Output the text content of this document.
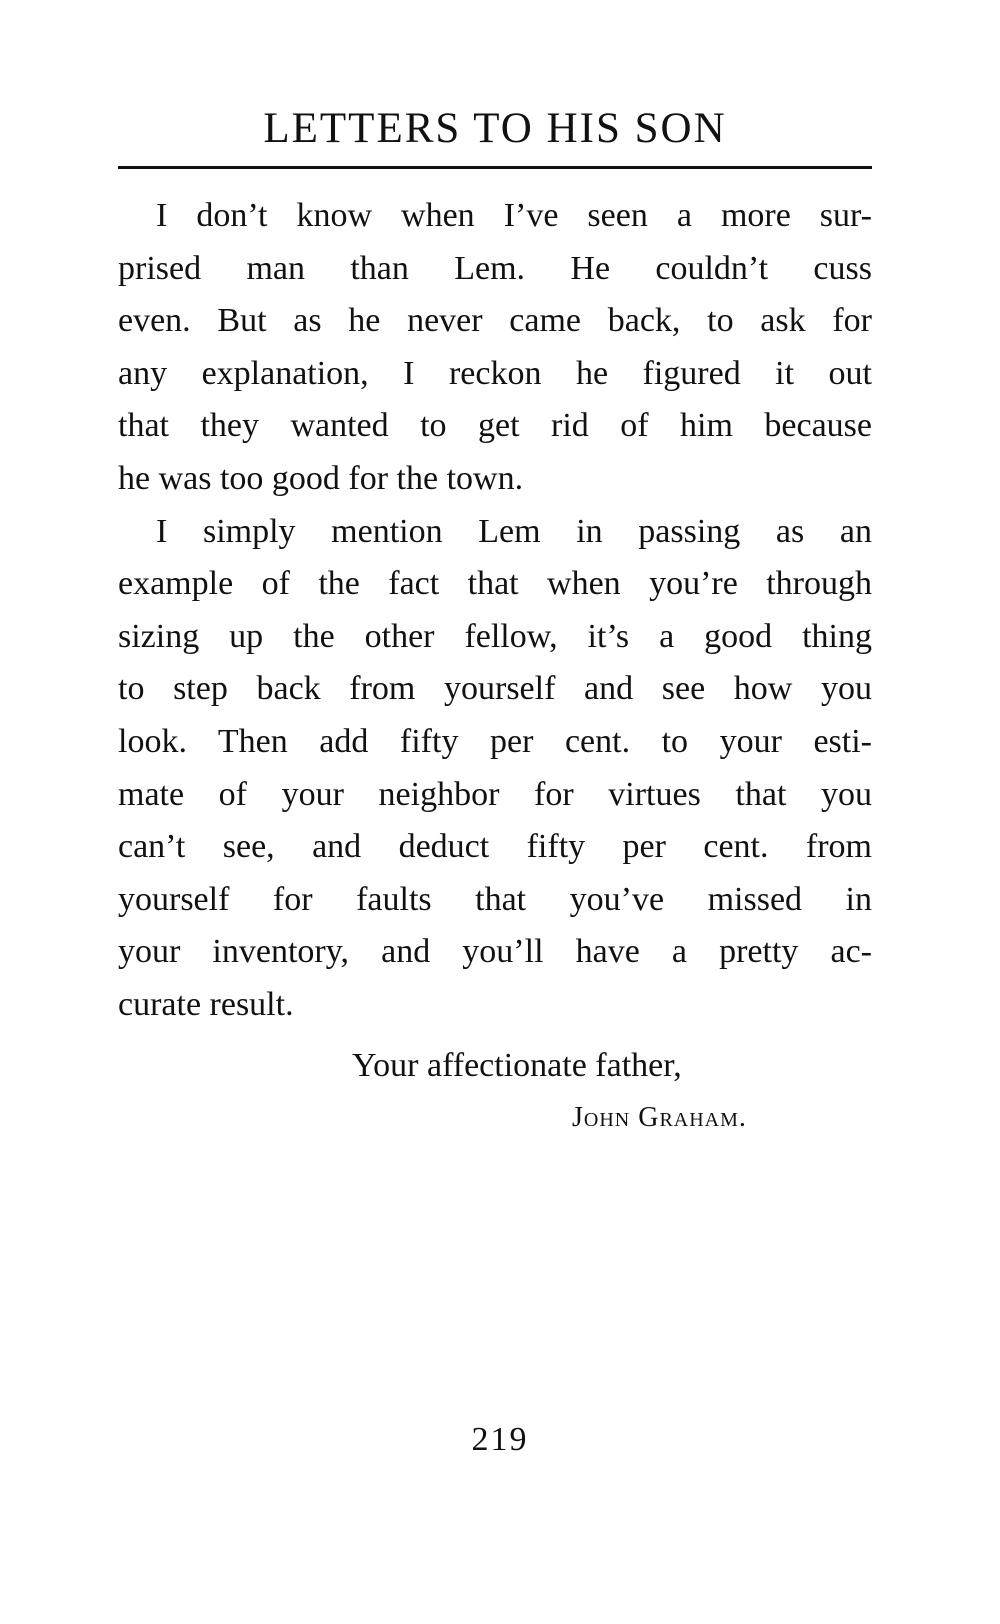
LETTERS TO HIS SON
I don’t know when I’ve seen a more sur-
prised man than Lem. He couldn’t cuss
even. But as he never came back, to ask for
any explanation, I reckon he figured it out
that they wanted to get rid of him because
he was too good for the town.
I simply mention Lem in passing as an
example of the fact that when you’re through
sizing up the other fellow, it’s a good thing
to step back from yourself and see how you
look. Then add fifty per cent. to your esti-
mate of your neighbor for virtues that you
can’t see, and deduct fifty per cent. from
yourself for faults that you’ve missed in
your inventory, and you’ll have a pretty ac-
curate result.
Your affectionate father,
John Graham.
219
